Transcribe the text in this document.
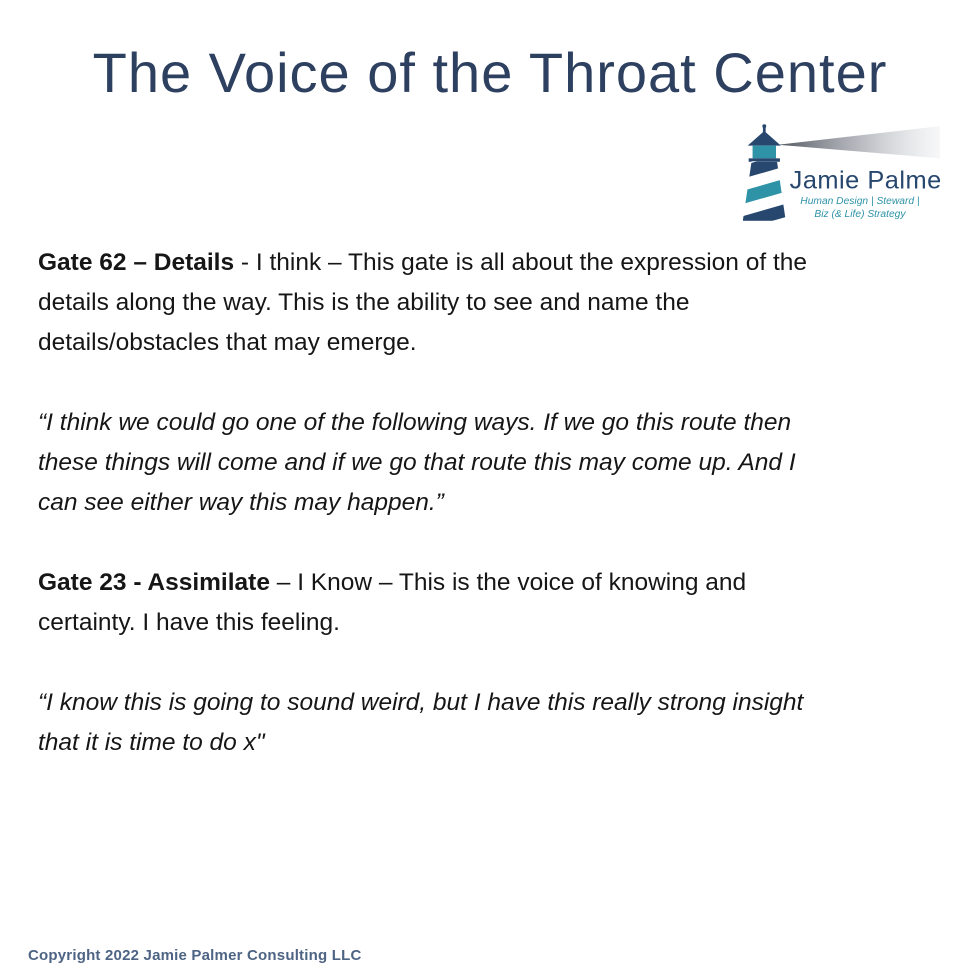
The Voice of the Throat Center
Jamie Palmer
Human Design | Steward |
Biz (& Life) Strategy

Gate 62 – Details - I think – This gate is all about the expression of the
details along the way. This is the ability to see and name the
details/obstacles that may emerge.

“I think we could go one of the following ways. If we go this route then
these things will come and if we go that route this may come up. And I
can see either way this may happen.”

Gate 23 - Assimilate – I Know – This is the voice of knowing and
certainty. I have this feeling.

“I know this is going to sound weird, but I have this really strong insight
that it is time to do x"

Copyright 2022 Jamie Palmer Consulting LLC
